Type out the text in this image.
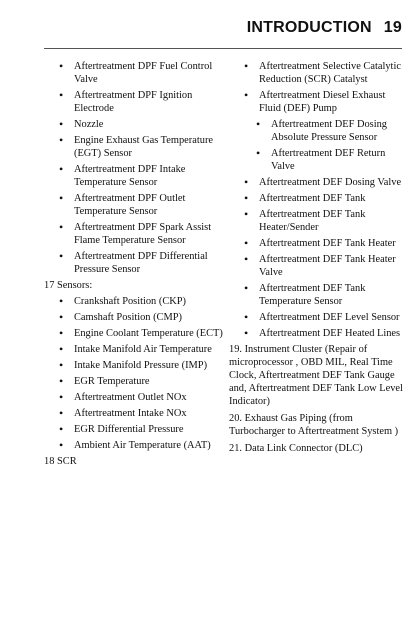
INTRODUCTION 19
• Aftertreatment DPF Fuel Control Valve
• Aftertreatment DPF Ignition Electrode
• Nozzle
• Engine Exhaust Gas Temperature (EGT) Sensor
• Aftertreatment DPF Intake Temperature Sensor
• Aftertreatment DPF Outlet Temperature Sensor
• Aftertreatment DPF Spark Assist Flame Temperature Sensor
• Aftertreatment DPF Differential Pressure Sensor
17 Sensors:
• Crankshaft Position (CKP)
• Camshaft Position (CMP)
• Engine Coolant Temperature (ECT)
• Intake Manifold Air Temperature
• Intake Manifold Pressure (IMP)
• EGR Temperature
• Aftertreatment Outlet NOx
• Aftertreatment Intake NOx
• EGR Differential Pressure
• Ambient Air Temperature (AAT)
18 SCR
• Aftertreatment Selective Catalytic Reduction (SCR) Catalyst
• Aftertreatment Diesel Exhaust Fluid (DEF) Pump
• Aftertreatment DEF Dosing Absolute Pressure Sensor
• Aftertreatment DEF Return Valve
• Aftertreatment DEF Dosing Valve
• Aftertreatment DEF Tank
• Aftertreatment DEF Tank Heater/Sender
• Aftertreatment DEF Tank Heater
• Aftertreatment DEF Tank Heater Valve
• Aftertreatment DEF Tank Temperature Sensor
• Aftertreatment DEF Level Sensor
• Aftertreatment DEF Heated Lines
19. Instrument Cluster (Repair of microprocessor , OBD MIL, Real Time Clock, Aftertreatment DEF Tank Gauge and, Aftertreatment DEF Tank Low Level Indicator)
20. Exhaust Gas Piping (from Turbocharger to Aftertreatment System )
21. Data Link Connector (DLC)
